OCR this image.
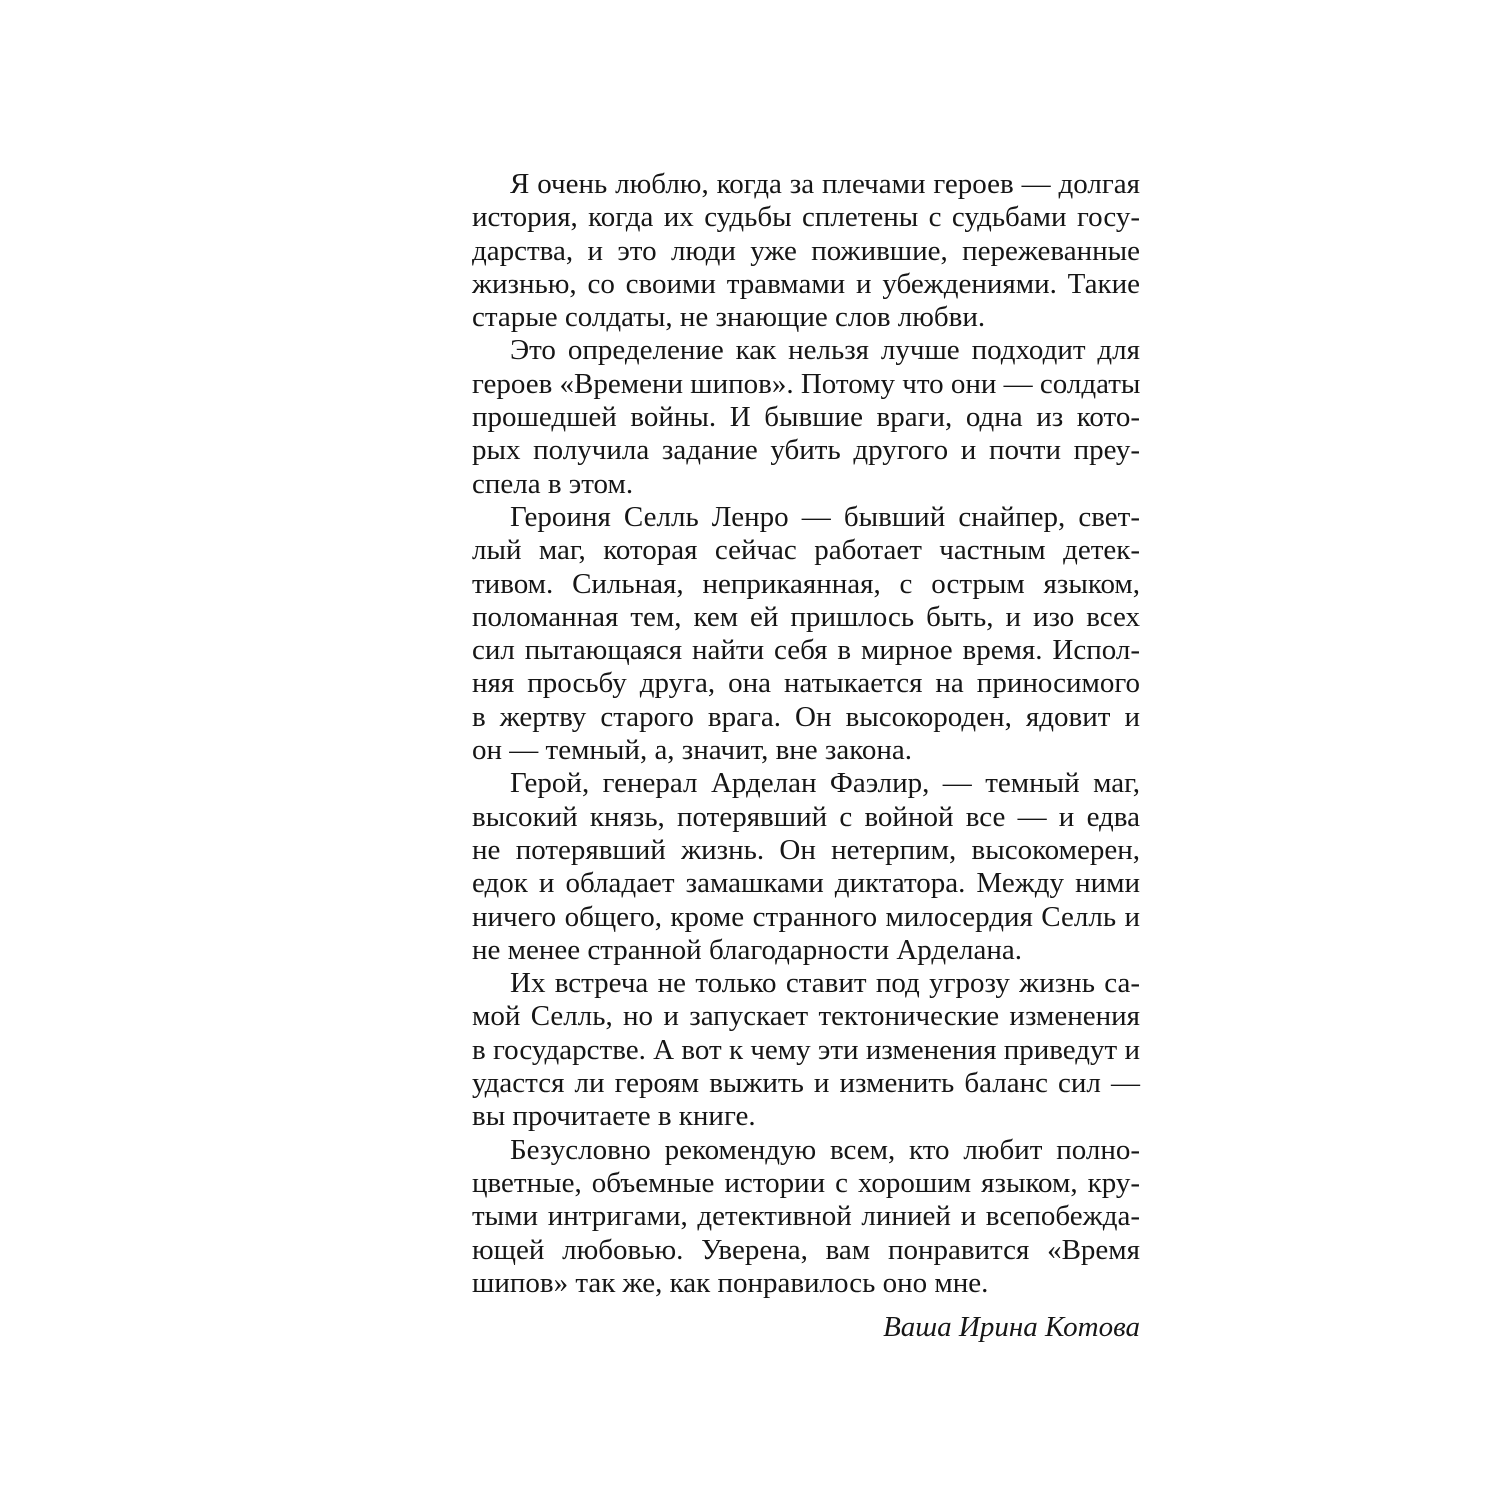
Я очень люблю, когда за плечами героев — долгая
история, когда их судьбы сплетены с судьбами госу-
дарства, и это люди уже пожившие, пережеванные
жизнью, со своими травмами и убеждениями. Такие
старые солдаты, не знающие слов любви.
Это определение как нельзя лучше подходит для
героев «Времени шипов». Потому что они — солдаты
прошедшей войны. И бывшие враги, одна из кото-
рых получила задание убить другого и почти преу-
спела в этом.
Героиня Селль Ленро — бывший снайпер, свет-
лый маг, которая сейчас работает частным детек-
тивом. Сильная, неприкаянная, с острым языком,
поломанная тем, кем ей пришлось быть, и изо всех
сил пытающаяся найти себя в мирное время. Испол-
няя просьбу друга, она натыкается на приносимого
в жертву старого врага. Он высокороден, ядовит и
он — темный, а, значит, вне закона.
Герой, генерал Арделан Фаэлир, — темный маг,
высокий князь, потерявший с войной все — и едва
не потерявший жизнь. Он нетерпим, высокомерен,
едок и обладает замашками диктатора. Между ними
ничего общего, кроме странного милосердия Селль и
не менее странной благодарности Арделана.
Их встреча не только ставит под угрозу жизнь са-
мой Селль, но и запускает тектонические изменения
в государстве. А вот к чему эти изменения приведут и
удастся ли героям выжить и изменить баланс сил —
вы прочитаете в книге.
Безусловно рекомендую всем, кто любит полно-
цветные, объемные истории с хорошим языком, кру-
тыми интригами, детективной линией и всепобежда-
ющей любовью. Уверена, вам понравится «Время
шипов» так же, как понравилось оно мне.
Ваша Ирина Котова
